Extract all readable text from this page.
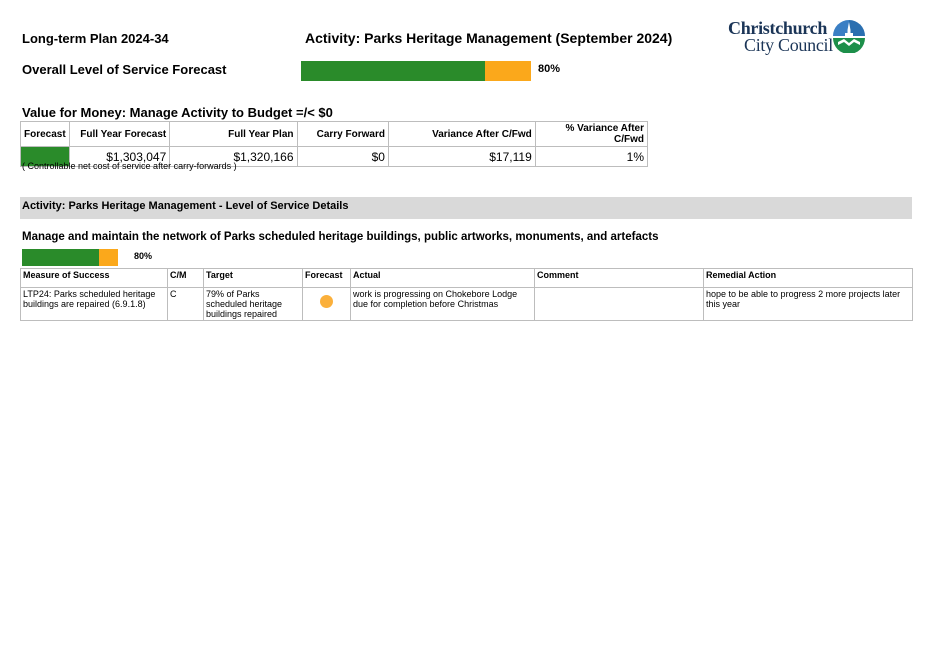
Long-term Plan 2024-34	Activity: Parks Heritage Management (September 2024)
Overall Level of Service Forecast	80%
Christchurch
City Council
Value for Money: Manage Activity to Budget =/< $0
Forecast	Full Year Forecast	Full Year Plan	Carry Forward	Variance After C/Fwd	% Variance After C/Fwd

	$1,303,047	$1,320,166	$0	$17,119	1%
( Controllable net cost of service after carry-forwards )
Activity: Parks Heritage Management - Level of Service Details
Manage and maintain the network of Parks scheduled heritage buildings, public artworks, monuments, and artefacts
80%
Measure of Success	C/M	Target	Forecast	Actual	Comment	Remedial Action
LTP24: Parks scheduled heritage buildings are repaired (6.9.1.8)	C	79% of Parks scheduled heritage buildings repaired		work is progressing on Chokebore Lodge due for completion before Christmas		hope to be able to progress 2 more projects later this year
